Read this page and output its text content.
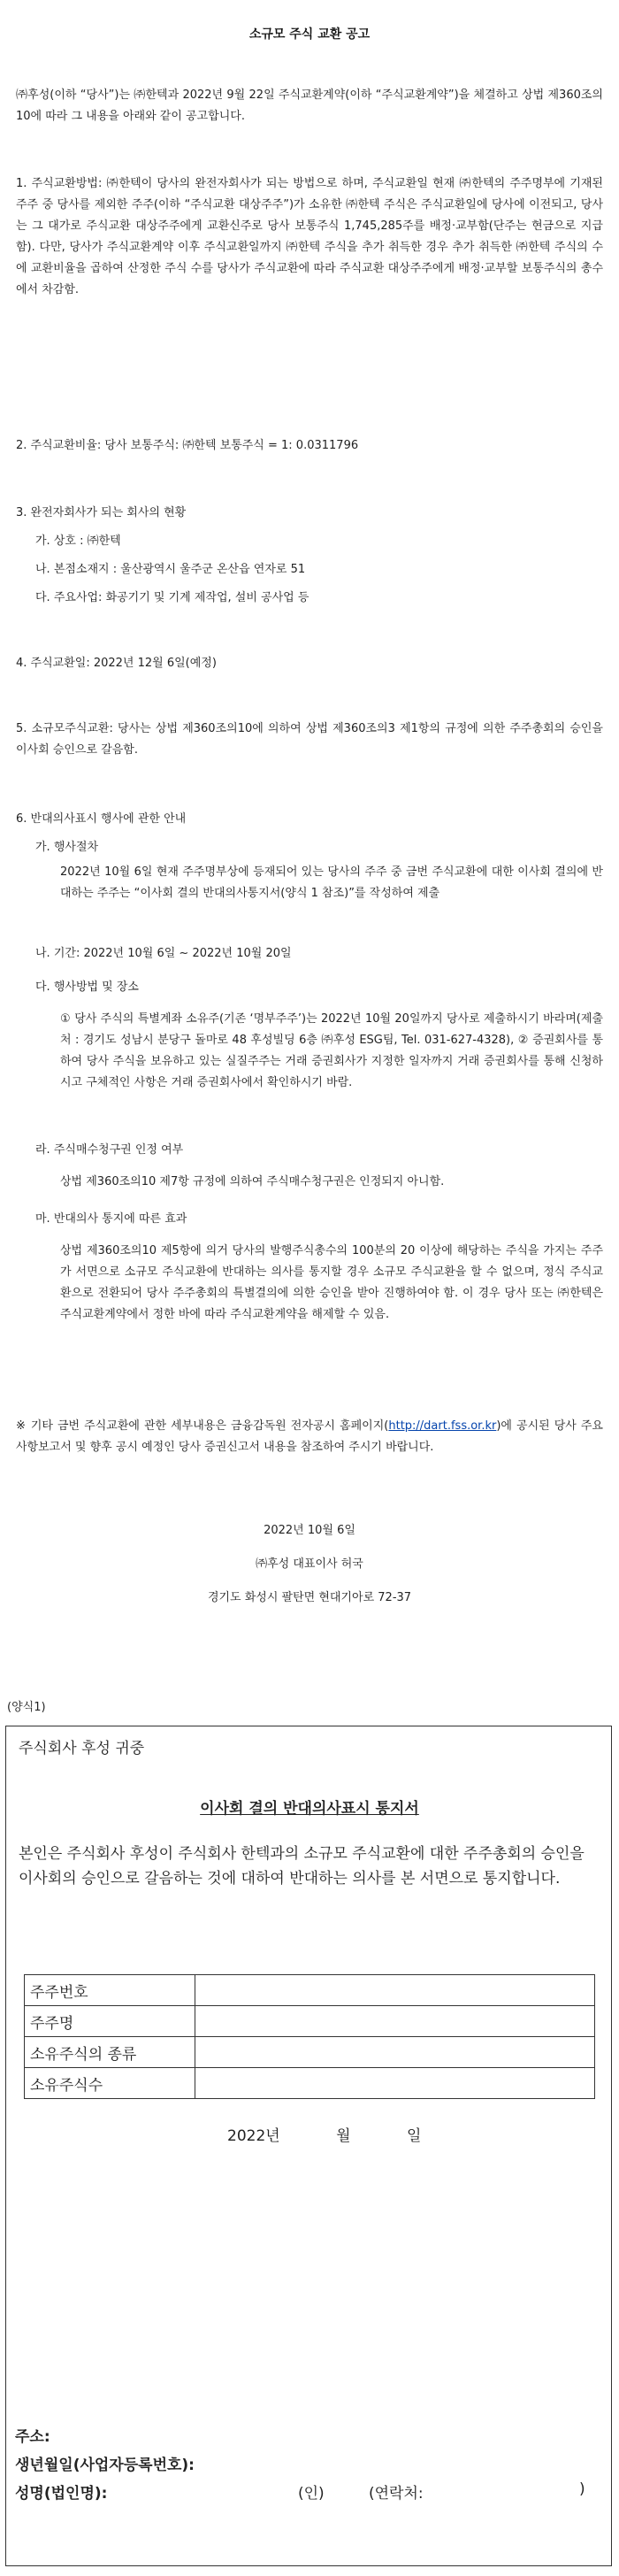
소규모 주식 교환 공고

㈜후성(이하 “당사”)는 ㈜한텍과 2022년 9월 22일 주식교환계약(이하 “주식교환계약”)을 체결하고 상법 제360조의 10에 따라 그 내용을 아래와 같이 공고합니다.

1. 주식교환방법: ㈜한텍이 당사의 완전자회사가 되는 방법으로 하며, 주식교환일 현재 ㈜한텍의 주주명부에 기재된 주주 중 당사를 제외한 주주(이하 “주식교환 대상주주”)가 소유한 ㈜한텍 주식은 주식교환일에 당사에 이전되고, 당사는 그 대가로 주식교환 대상주주에게 교환신주로 당사 보통주식 1,745,285주를 배정·교부함(단주는 현금으로 지급함). 다만, 당사가 주식교환계약 이후 주식교환일까지 ㈜한텍 주식을 추가 취득한 경우 추가 취득한 ㈜한텍 주식의 수에 교환비율을 곱하여 산정한 주식 수를 당사가 주식교환에 따라 주식교환 대상주주에게 배정·교부할 보통주식의 총수에서 차감함.

2. 주식교환비율: 당사 보통주식: ㈜한텍 보통주식 = 1: 0.0311796

3. 완전자회사가 되는 회사의 현황

가. 상호 : ㈜한텍

나. 본점소재지 : 울산광역시 울주군 온산읍 연자로 51

다. 주요사업: 화공기기 및 기계 제작업, 설비 공사업 등

4. 주식교환일: 2022년 12월 6일(예정)

5. 소규모주식교환: 당사는 상법 제360조의10에 의하여 상법 제360조의3 제1항의 규정에 의한 주주총회의 승인을 이사회 승인으로 갈음함.

6. 반대의사표시 행사에 관한 안내

가. 행사절차

2022년 10월 6일 현재 주주명부상에 등재되어 있는 당사의 주주 중 금번 주식교환에 대한 이사회 결의에 반대하는 주주는 “이사회 결의 반대의사통지서(양식 1 참조)”를 작성하여 제출

나. 기간: 2022년 10월 6일 ~ 2022년 10월 20일

다. 행사방법 및 장소

① 당사 주식의 특별계좌 소유주(기존 ‘명부주주’)는 2022년 10월 20일까지 당사로 제출하시기 바라며(제출처 : 경기도 성남시 분당구 돌마로 48 후성빌딩 6층 ㈜후성 ESG팀, Tel. 031-627-4328), ② 증권회사를 통하여 당사 주식을 보유하고 있는 실질주주는 거래 증권회사가 지정한 일자까지 거래 증권회사를 통해 신청하시고 구체적인 사항은 거래 증권회사에서 확인하시기 바람.

라. 주식매수청구권 인정 여부

상법 제360조의10 제7항 규정에 의하여 주식매수청구권은 인정되지 아니함.

마. 반대의사 통지에 따른 효과

상법 제360조의10 제5항에 의거 당사의 발행주식총수의 100분의 20 이상에 해당하는 주식을 가지는 주주가 서면으로 소규모 주식교환에 반대하는 의사를 통지할 경우 소규모 주식교환을 할 수 없으며, 정식 주식교환으로 전환되어 당사 주주총회의 특별결의에 의한 승인을 받아 진행하여야 함. 이 경우 당사 또는 ㈜한텍은 주식교환계약에서 정한 바에 따라 주식교환계약을 해제할 수 있음.

※ 기타 금번 주식교환에 관한 세부내용은 금융감독원 전자공시 홈페이지(http://dart.fss.or.kr)에 공시된 당사 주요사항보고서 및 향후 공시 예정인 당사 증권신고서 내용을 참조하여 주시기 바랍니다.

2022년 10월 6일

㈜후성 대표이사 허국

경기도 화성시 팔탄면 현대기아로 72-37

(양식1)
주식회사 후성 귀중
이사회 결의 반대의사표시 통지서

본인은 주식회사 후성이 주식회사 한텍과의 소규모 주식교환에 대한 주주총회의 승인을 이사회의 승인으로 갈음하는 것에 대하여 반대하는 의사를 본 서면으로 통지합니다.

주주번호	
주주명	
소유주식의 종류	
소유주식수	
2022년	월	일
주소:
생년월일(사업자등록번호):
성명(법인명):	(인)	(연락처:	)
